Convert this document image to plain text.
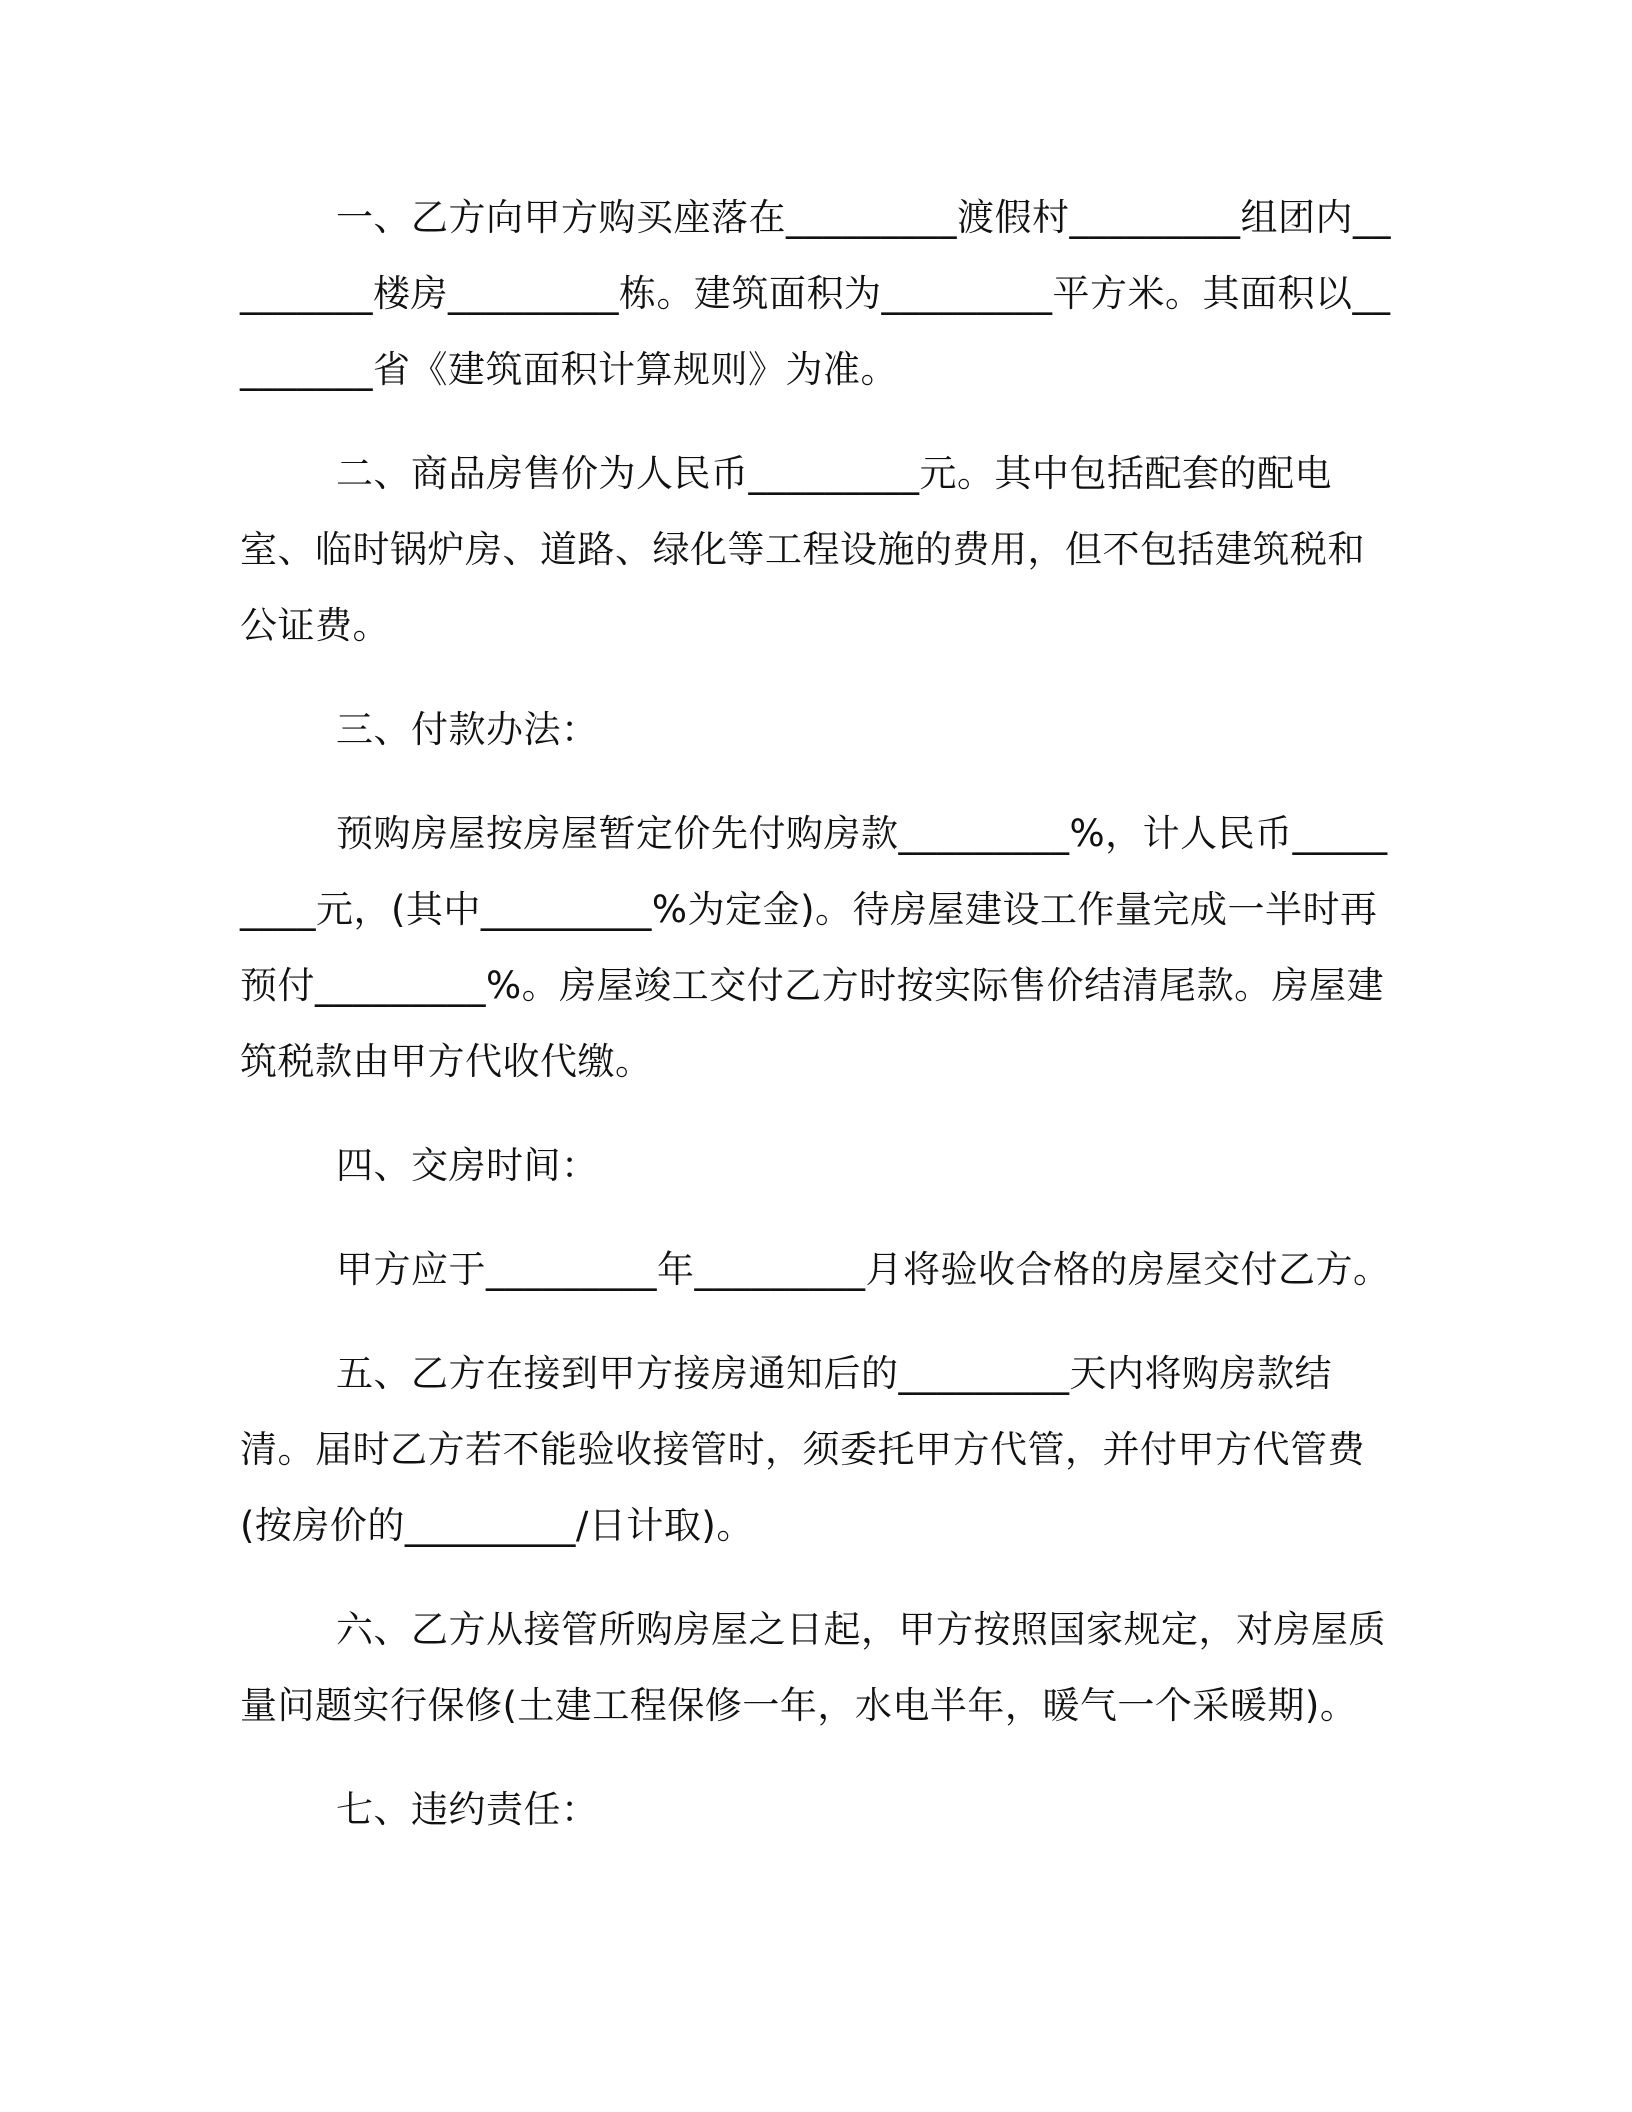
一、乙方向甲方购买座落在_________渡假村_________组团内_________楼房_________栋。建筑面积为_________平方米。其面积以_________省《建筑面积计算规则》为准。

二、商品房售价为人民币_________元。其中包括配套的配电室、临时锅炉房、道路、绿化等工程设施的费用，但不包括建筑税和公证费。

三、付款办法：

预购房屋按房屋暂定价先付购房款_________%，计人民币_________元，(其中_________%为定金)。待房屋建设工作量完成一半时再预付_________%。房屋竣工交付乙方时按实际售价结清尾款。房屋建筑税款由甲方代收代缴。

四、交房时间：

甲方应于_________年_________月将验收合格的房屋交付乙方。

五、乙方在接到甲方接房通知后的_________天内将购房款结清。届时乙方若不能验收接管时，须委托甲方代管，并付甲方代管费(按房价的_________/日计取)。

六、乙方从接管所购房屋之日起，甲方按照国家规定，对房屋质量问题实行保修(土建工程保修一年，水电半年，暖气一个采暖期)。

七、违约责任：
